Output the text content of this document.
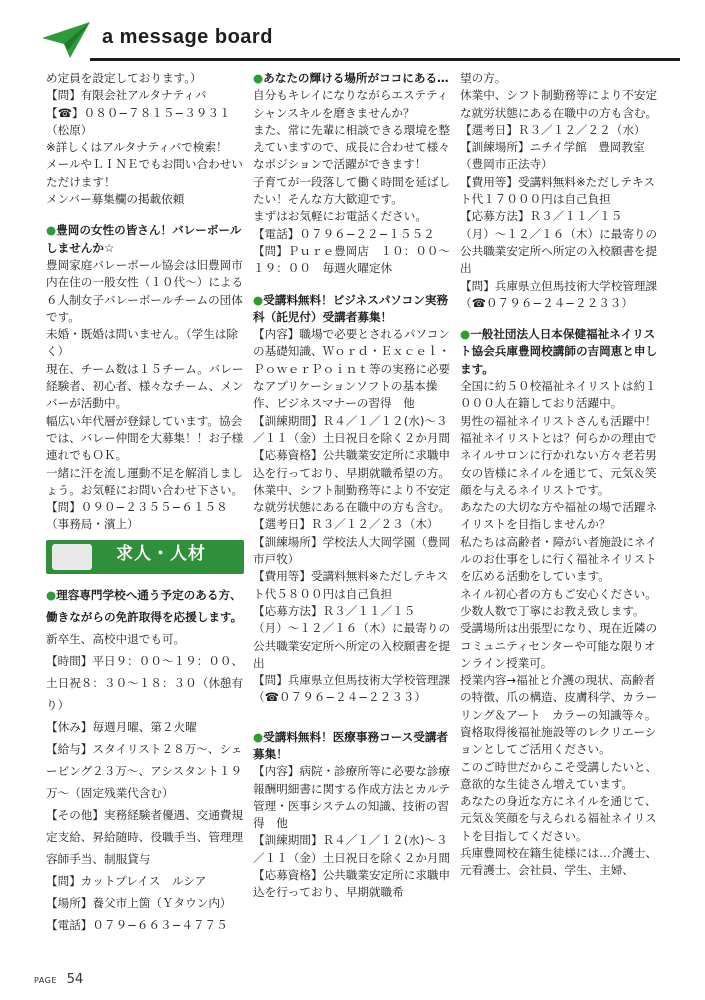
a message board

め定員を設定しております。）

【問】有限会社アルタナティバ

【☎】０８０−７８１５−３９３１（松原）

※詳しくはアルタナティバで検索！

メールやＬＩＮＥでもお問い合わせいただけます！

メンバー募集欄の掲載依頼

●豊岡の女性の皆さん！バレーボールしませんか☆

豊岡家庭バレーボール協会は旧豊岡市内在住の一般女性（１０代〜）による６人制女子バレーボールチームの団体です。

未婚・既婚は問いません。（学生は除く）

現在、チーム数は１５チーム。バレー経験者、初心者、様々なチーム、メンバーが活動中。

幅広い年代層が登録しています。協会では、バレー仲間を大募集！！お子様連れでもＯＫ。

一緒に汗を流し運動不足を解消しましょう。お気軽にお問い合わせ下さい。

【問】０９０−２３５５−６１５８（事務局・濱上）

求人・人材

●理容専門学校へ通う予定のある方、働きながらの免許取得を応援します。

新卒生、高校中退でも可。

【時間】平日９：００〜１９：００、土日祝８：３０〜１８：３０（休憩有り）

【休み】毎週月曜、第２火曜

【給与】スタイリスト２８万〜、シェービング２３万〜、アシスタント１９万〜（固定残業代含む）

【その他】実務経験者優遇、交通費規定支給、昇給随時、役職手当、管理理容師手当、制服貸与

【問】カットプレイス　ルシア

【場所】養父市上箇（Ｙタウン内）

【電話】０７９−６６３−４７７５

●あなたの輝ける場所がココにある…

自分もキレイになりながらエステティシャンスキルを磨きませんか？

また、常に先輩に相談できる環境を整えていますので、成長に合わせて様々なポジションで活躍ができます！

子育てが一段落して働く時間を延ばしたい！そんな方大歓迎です。

まずはお気軽にお電話ください。

【電話】０７９６−２２−１５５２

【問】Ｐｕｒｅ豊岡店　１０：００〜１９：００　毎週火曜定休

●受講料無料！ビジネスパソコン実務科（託児付）受講者募集！

【内容】職場で必要とされるパソコンの基礎知識、Ｗｏｒｄ・Ｅｘｃｅｌ・ＰｏｗｅｒＰｏｉｎｔ等の実務に必要なアプリケーションソフトの基本操作、ビジネスマナーの習得　他

【訓練期間】Ｒ４／１／１２(水)〜３／１１（金）土日祝日を除く２か月間

【応募資格】公共職業安定所に求職申込を行っており、早期就職希望の方。

休業中、シフト制勤務等により不安定な就労状態にある在職中の方も含む。

【選考日】Ｒ３／１２／２３（木）

【訓練場所】学校法人大岡学園（豊岡市戸牧）

【費用等】受講料無料※ただしテキスト代５８００円は自己負担

【応募方法】Ｒ３／１１／１５（月）〜１２／１６（木）に最寄りの公共職業安定所へ所定の入校願書を提出

【問】兵庫県立但馬技術大学校管理課（☎０７９６−２４−２２３３）

●受講料無料！医療事務コース受講者募集！

【内容】病院・診療所等に必要な診療報酬明細書に関する作成方法とカルテ管理・医事システムの知識、技術の習得　他

【訓練期間】Ｒ４／１／１２(水)〜３／１１（金）土日祝日を除く２か月間

【応募資格】公共職業安定所に求職申込を行っており、早期就職希

望の方。

休業中、シフト制勤務等により不安定な就労状態にある在職中の方も含む。

【選考日】Ｒ３／１２／２２（水）

【訓練場所】ニチイ学館　豊岡教室（豊岡市正法寺）

【費用等】受講料無料※ただしテキスト代１７０００円は自己負担

【応募方法】Ｒ３／１１／１５（月）〜１２／１６（木）に最寄りの公共職業安定所へ所定の入校願書を提出

【問】兵庫県立但馬技術大学校管理課（☎０７９６−２４−２２３３）

●一般社団法人日本保健福祉ネイリスト協会兵庫豊岡校講師の吉岡恵と申します。

全国に約５０校福祉ネイリストは約１０００人在籍しており活躍中。

男性の福祉ネイリストさんも活躍中！

福祉ネイリストとは？何らかの理由でネイルサロンに行かれない方々老若男女の皆様にネイルを通じて、元気＆笑顔を与えるネイリストです。

あなたの大切な方や福祉の場で活躍ネイリストを目指しませんか？

私たちは高齢者・障がい者施設にネイルのお仕事をしに行く福祉ネイリストを広める活動をしています。

ネイル初心者の方もご安心ください。少数人数で丁寧にお教え致します。

受講場所は出張型になり、現在近隣のコミュニティセンターや可能な限りオンライン授業可。

授業内容→福祉と介護の現状、高齢者の特徴、爪の構造、皮膚科学、カラーリング＆アート　カラーの知識等々。

資格取得後福祉施設等のレクリエーションとしてご活用ください。

このご時世だからこそ受講したいと、意欲的な生徒さん増えています。

あなたの身近な方にネイルを通じて、元気＆笑顔を与えられる福祉ネイリストを目指してください。

兵庫豊岡校在籍生徒様には…介護士、元看護士、会社員、学生、主婦、

PAGE 54
